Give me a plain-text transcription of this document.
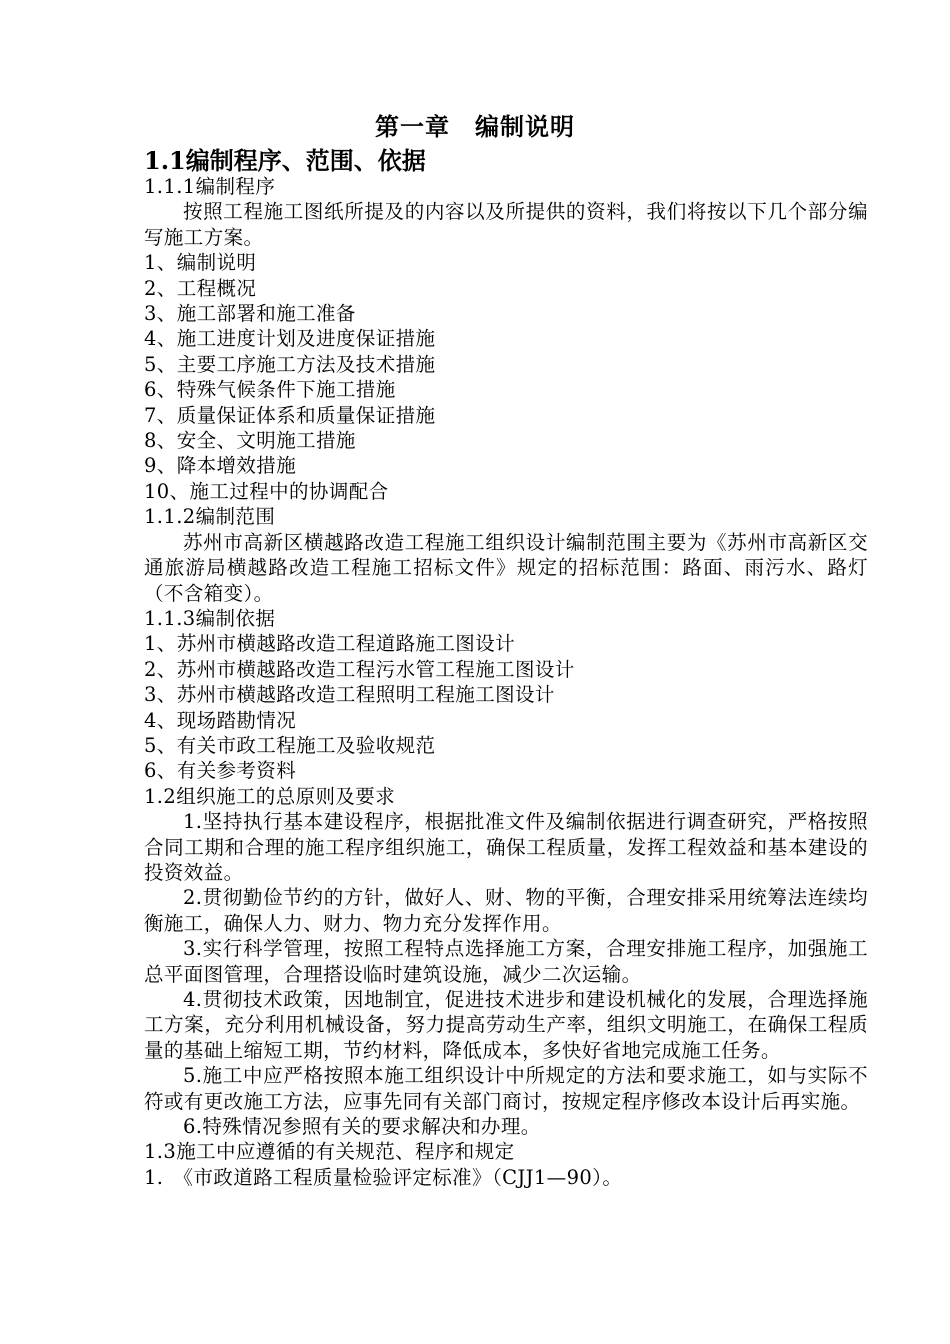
第一章　编制说明
1.1编制程序、范围、依据

1.1.1编制程序

按照工程施工图纸所提及的内容以及所提供的资料，我们将按以下几个部分编写施工方案。

1、编制说明

2、工程概况

3、施工部署和施工准备

4、施工进度计划及进度保证措施

5、主要工序施工方法及技术措施

6、特殊气候条件下施工措施

7、质量保证体系和质量保证措施

8、安全、文明施工措施

9、降本增效措施

10、施工过程中的协调配合

1.1.2编制范围

苏州市高新区横越路改造工程施工组织设计编制范围主要为《苏州市高新区交通旅游局横越路改造工程施工招标文件》规定的招标范围：路面、雨污水、路灯（不含箱变）。

1.1.3编制依据

1、苏州市横越路改造工程道路施工图设计

2、苏州市横越路改造工程污水管工程施工图设计

3、苏州市横越路改造工程照明工程施工图设计

4、现场踏勘情况

5、有关市政工程施工及验收规范

6、有关参考资料

1.2组织施工的总原则及要求

1.坚持执行基本建设程序，根据批准文件及编制依据进行调查研究，严格按照合同工期和合理的施工程序组织施工，确保工程质量，发挥工程效益和基本建设的投资效益。

2.贯彻勤俭节约的方针，做好人、财、物的平衡，合理安排采用统筹法连续均衡施工，确保人力、财力、物力充分发挥作用。

3.实行科学管理，按照工程特点选择施工方案，合理安排施工程序，加强施工总平面图管理，合理搭设临时建筑设施，减少二次运输。

4.贯彻技术政策，因地制宜，促进技术进步和建设机械化的发展，合理选择施工方案，充分利用机械设备，努力提高劳动生产率，组织文明施工，在确保工程质量的基础上缩短工期，节约材料，降低成本，多快好省地完成施工任务。

5.施工中应严格按照本施工组织设计中所规定的方法和要求施工，如与实际不符或有更改施工方法，应事先同有关部门商讨，按规定程序修改本设计后再实施。

6.特殊情况参照有关的要求解决和办理。

1.3施工中应遵循的有关规范、程序和规定

1.　《市政道路工程质量检验评定标准》（CJJ1—90）。
